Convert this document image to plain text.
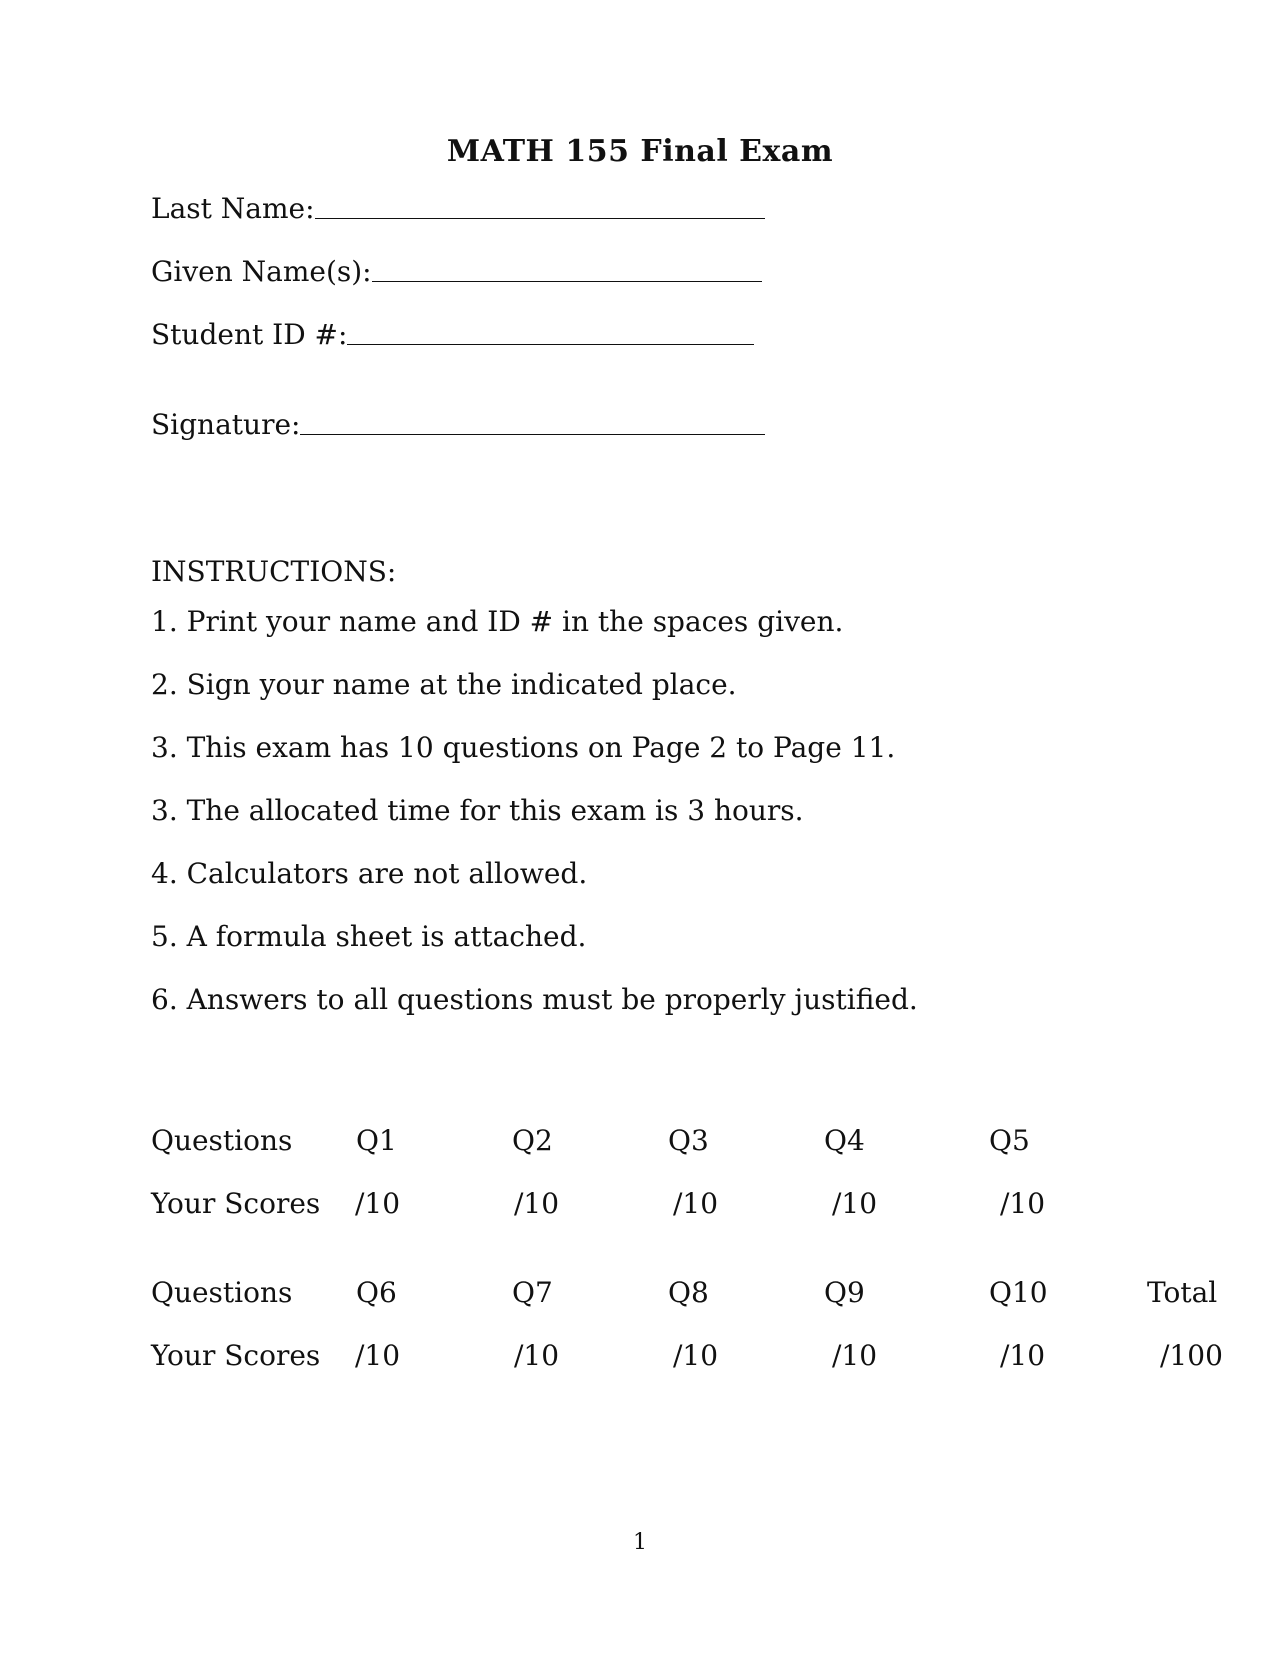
MATH 155 Final Exam
Last Name:
Given Name(s):
Student ID #:
Signature:
INSTRUCTIONS:
1. Print your name and ID # in the spaces given.
2. Sign your name at the indicated place.
3. This exam has 10 questions on Page 2 to Page 11.
3. The allocated time for this exam is 3 hours.
4. Calculators are not allowed.
5. A formula sheet is attached.
6. Answers to all questions must be properly justified.
Questions Q1	Q2	Q3	Q4	Q5
Your Scores /10	/10	/10	/10	/10
Questions Q6	Q7	Q8	Q9	Q10	Total
Your Scores /10	/10	/10	/10	/10	/100
1
